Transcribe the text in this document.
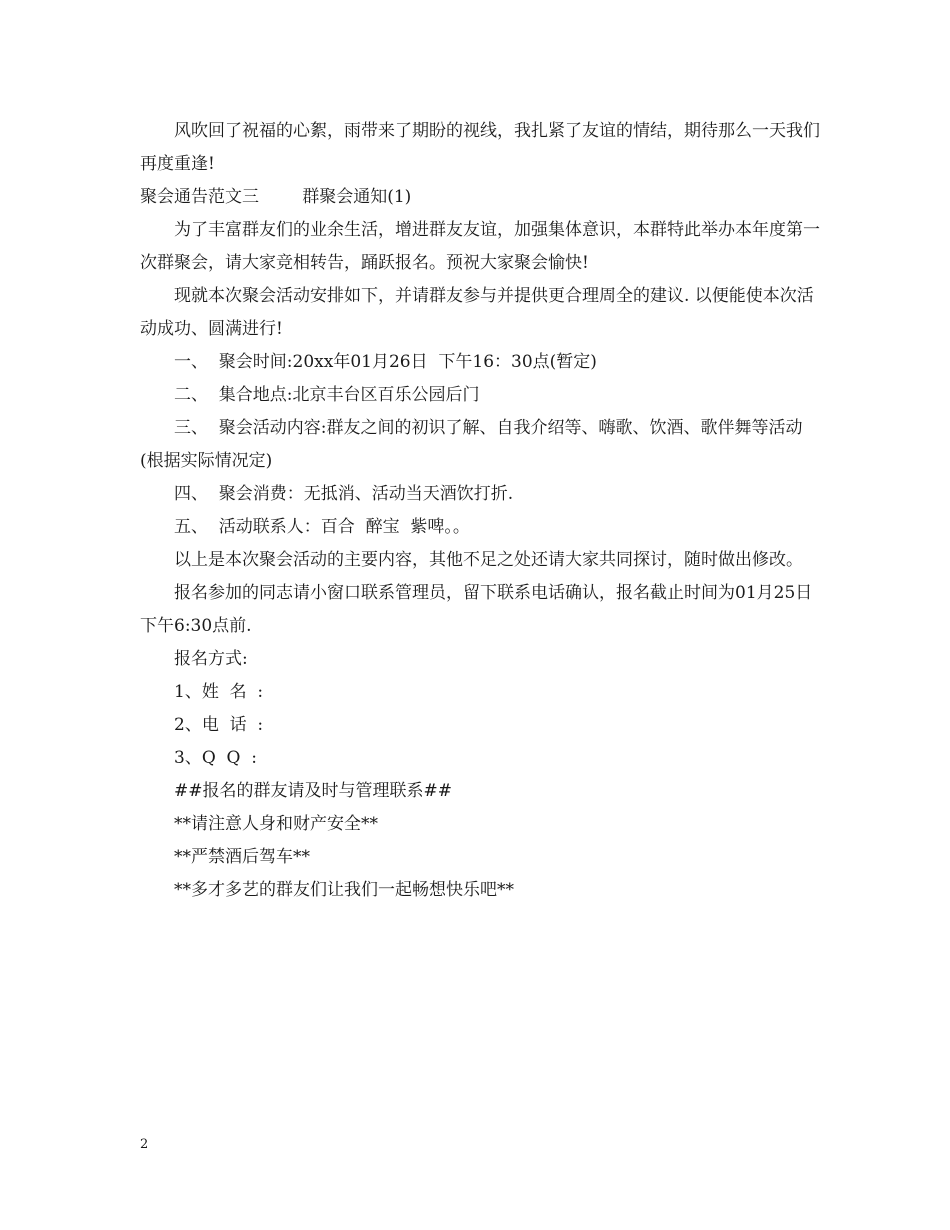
风吹回了祝福的心絮，雨带来了期盼的视线，我扎紧了友谊的情结，期待那么一天我们再度重逢!

聚会通告范文三        群聚会通知(1)

为了丰富群友们的业余生活，增进群友友谊，加强集体意识，本群特此举办本年度第一次群聚会，请大家竞相转告，踊跃报名。预祝大家聚会愉快!

现就本次聚会活动安排如下，并请群友参与并提供更合理周全的建议. 以便能使本次活动成功、圆满进行!

一、  聚会时间:20xx年01月26日  下午16：30点(暂定)

二、  集合地点:北京丰台区百乐公园后门

三、  聚会活动内容:群友之间的初识了解、自我介绍等、嗨歌、饮酒、歌伴舞等活动(根据实际情况定)

四、  聚会消费：无抵消、活动当天酒饮打折.

五、  活动联系人：百合  醉宝  紫啤。。

以上是本次聚会活动的主要内容，其他不足之处还请大家共同探讨，随时做出修改。

报名参加的同志请小窗口联系管理员，留下联系电话确认，报名截止时间为01月25日下午6:30点前.

报名方式:

1、姓  名  :

2、电  话  :

3、Q  Q  :

##报名的群友请及时与管理联系##

**请注意人身和财产安全**

**严禁酒后驾车**

**多才多艺的群友们让我们一起畅想快乐吧**

2
